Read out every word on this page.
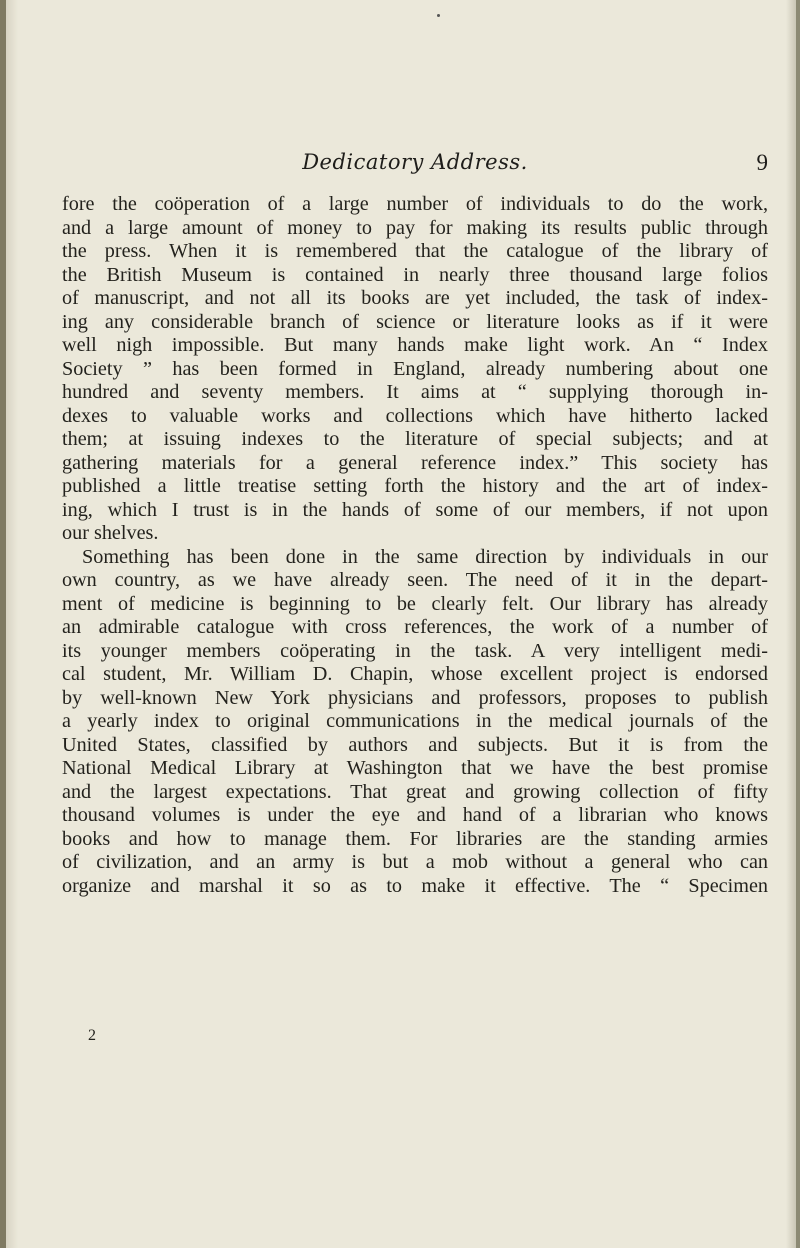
Dedicatory Address.	9
fore the coöperation of a large number of individuals to do the work,
and a large amount of money to pay for making its results public through
the press. When it is remembered that the catalogue of the library of
the British Museum is contained in nearly three thousand large folios
of manuscript, and not all its books are yet included, the task of index-
ing any considerable branch of science or literature looks as if it were
well nigh impossible. But many hands make light work. An “ Index
Society ” has been formed in England, already numbering about one
hundred and seventy members. It aims at “ supplying thorough in-
dexes to valuable works and collections which have hitherto lacked
them; at issuing indexes to the literature of special subjects; and at
gathering materials for a general reference index.” This society has
published a little treatise setting forth the history and the art of index-
ing, which I trust is in the hands of some of our members, if not upon
our shelves.
Something has been done in the same direction by individuals in our
own country, as we have already seen. The need of it in the depart-
ment of medicine is beginning to be clearly felt. Our library has already
an admirable catalogue with cross references, the work of a number of
its younger members coöperating in the task. A very intelligent medi-
cal student, Mr. William D. Chapin, whose excellent project is endorsed
by well-known New York physicians and professors, proposes to publish
a yearly index to original communications in the medical journals of the
United States, classified by authors and subjects. But it is from the
National Medical Library at Washington that we have the best promise
and the largest expectations. That great and growing collection of fifty
thousand volumes is under the eye and hand of a librarian who knows
books and how to manage them. For libraries are the standing armies
of civilization, and an army is but a mob without a general who can
organize and marshal it so as to make it effective. The “ Specimen
2
